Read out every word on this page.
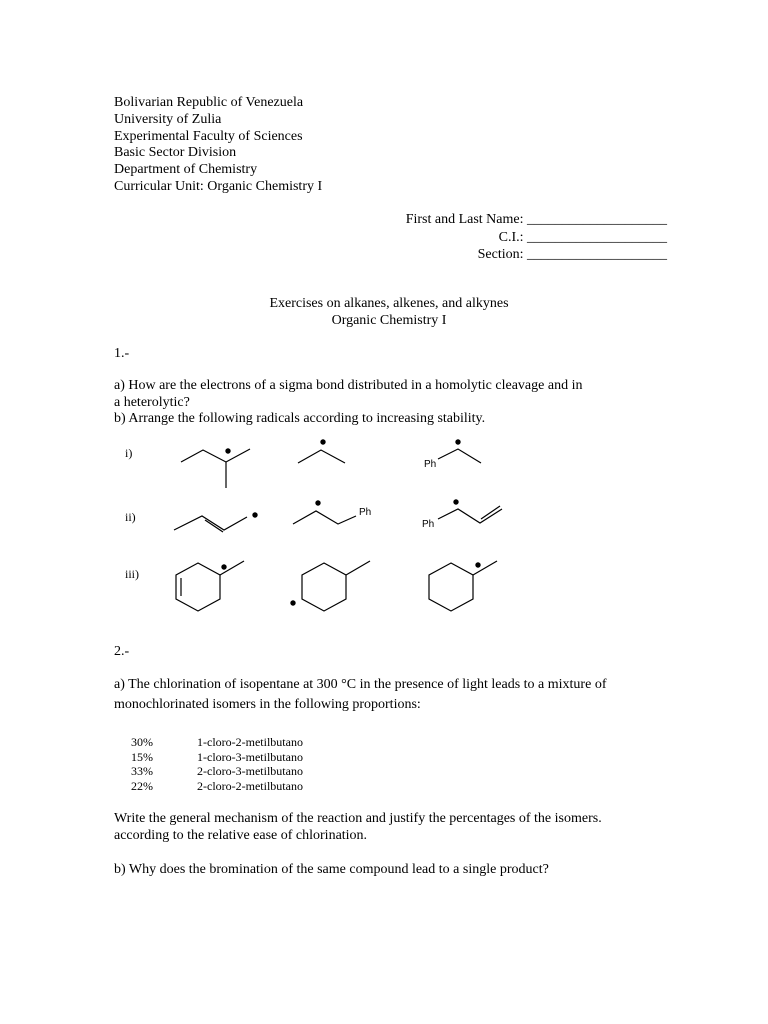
Bolivarian Republic of Venezuela
University of Zulia
Experimental Faculty of Sciences
Basic Sector Division
Department of Chemistry
Curricular Unit: Organic Chemistry I
First and Last Name: ____________________
C.I.: ____________________
Section: ____________________
Exercises on alkanes, alkenes, and alkynes
Organic Chemistry I
1.-
a) How are the electrons of a sigma bond distributed in a homolytic cleavage and in
a heterolytic?
b) Arrange the following radicals according to increasing stability.
i)
ii)
iii)
Ph
Ph
Ph
2.-
a) The chlorination of isopentane at 300 °C in the presence of light leads to a mixture of
monochlorinated isomers in the following proportions:
30%	1-cloro-2-metilbutano
15%	1-cloro-3-metilbutano
33%	2-cloro-3-metilbutano
22%	2-cloro-2-metilbutano
Write the general mechanism of the reaction and justify the percentages of the isomers.
according to the relative ease of chlorination.
b) Why does the bromination of the same compound lead to a single product?
